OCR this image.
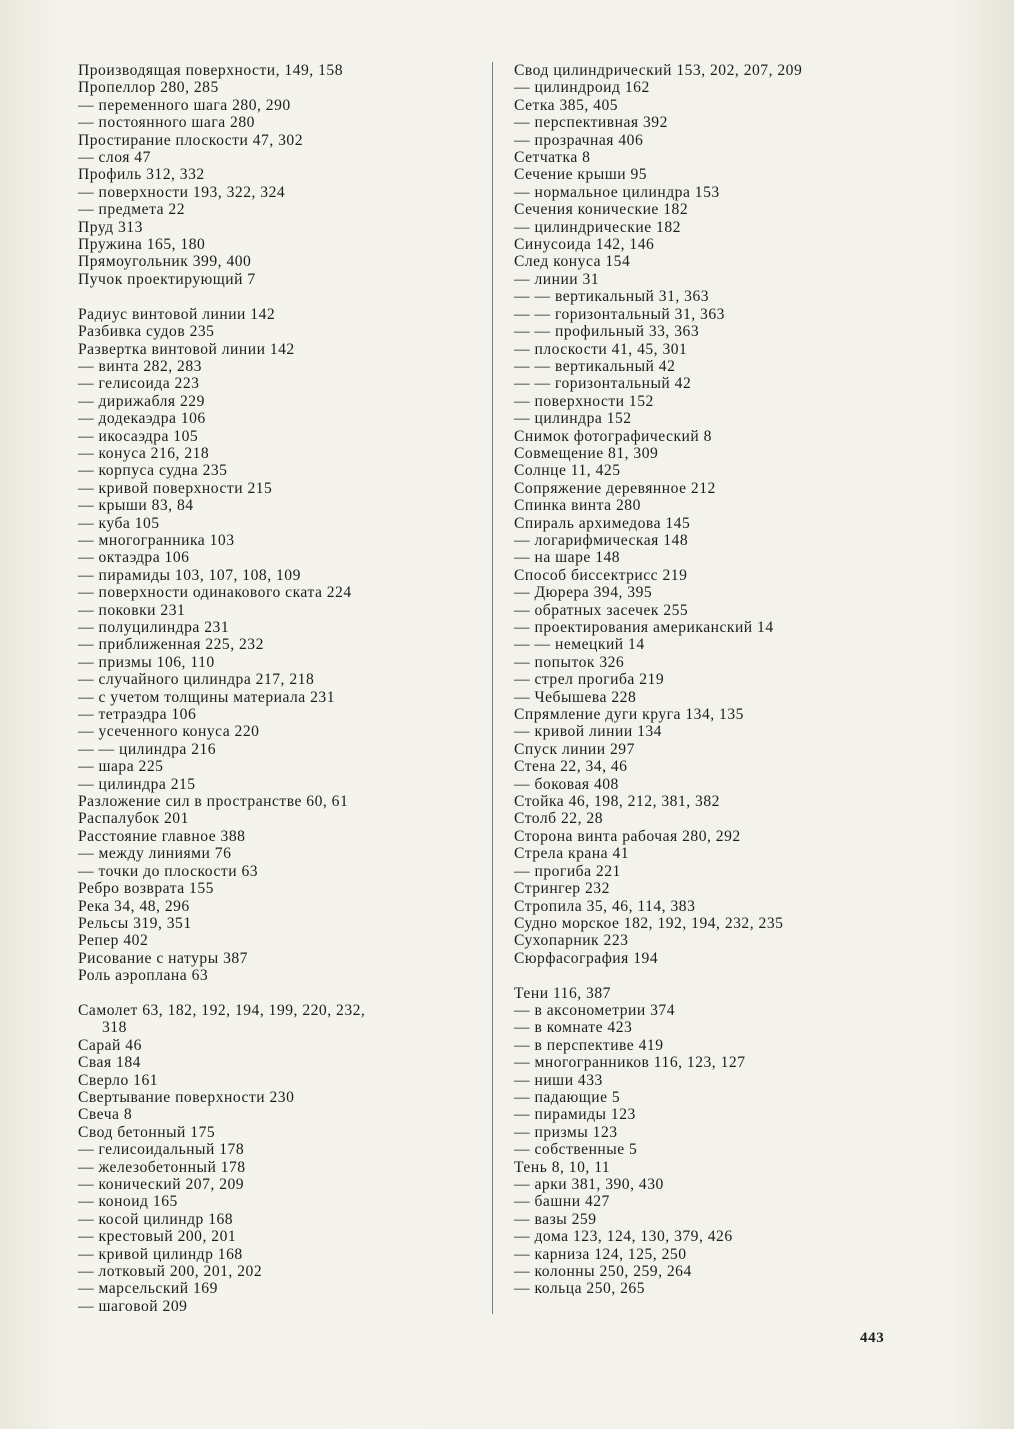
Производящая поверхности, 149, 158
Пропеллор 280, 285
— переменного шага 280, 290
— постоянного шага 280
Простирание плоскости 47, 302
— слоя 47
Профиль 312, 332
— поверхности 193, 322, 324
— предмета 22
Пруд 313
Пружина 165, 180
Прямоугольник 399, 400
Пучок проектирующий 7
Радиус винтовой линии 142
Разбивка судов 235
Развертка винтовой линии 142
— винта 282, 283
— гелисоида 223
— дирижабля 229
— додекаэдра 106
— икосаэдра 105
— конуса 216, 218
— корпуса судна 235
— кривой поверхности 215
— крыши 83, 84
— куба 105
— многогранника 103
— октаэдра 106
— пирамиды 103, 107, 108, 109
— поверхности одинакового ската 224
— поковки 231
— полуцилиндра 231
— приближенная 225, 232
— призмы 106, 110
— случайного цилиндра 217, 218
— с учетом толщины материала 231
— тетраэдра 106
— усеченного конуса 220
— — цилиндра 216
— шара 225
— цилиндра 215
Разложение сил в пространстве 60, 61
Распалубок 201
Расстояние главное 388
— между линиями 76
— точки до плоскости 63
Ребро возврата 155
Река 34, 48, 296
Рельсы 319, 351
Репер 402
Рисование с натуры 387
Роль аэроплана 63
Самолет 63, 182, 192, 194, 199, 220, 232,
318
Сарай 46
Свая 184
Сверло 161
Свертывание поверхности 230
Свеча 8
Свод бетонный 175
— гелисоидальный 178
— железобетонный 178
— конический 207, 209
— коноид 165
— косой цилиндр 168
— крестовый 200, 201
— кривой цилиндр 168
— лотковый 200, 201, 202
— марсельский 169
— шаговой 209
Свод цилиндрический 153, 202, 207, 209
— цилиндроид 162
Сетка 385, 405
— перспективная 392
— прозрачная 406
Сетчатка 8
Сечение крыши 95
— нормальное цилиндра 153
Сечения конические 182
— цилиндрические 182
Синусоида 142, 146
След конуса 154
— линии 31
— — вертикальный 31, 363
— — горизонтальный 31, 363
— — профильный 33, 363
— плоскости 41, 45, 301
— — вертикальный 42
— — горизонтальный 42
— поверхности 152
— цилиндра 152
Снимок фотографический 8
Совмещение 81, 309
Солнце 11, 425
Сопряжение деревянное 212
Спинка винта 280
Спираль архимедова 145
— логарифмическая 148
— на шаре 148
Способ биссектрисс 219
— Дюрера 394, 395
— обратных засечек 255
— проектирования американский 14
— — немецкий 14
— попыток 326
— стрел прогиба 219
— Чебышева 228
Спрямление дуги круга 134, 135
— кривой линии 134
Спуск линии 297
Стена 22, 34, 46
— боковая 408
Стойка 46, 198, 212, 381, 382
Столб 22, 28
Сторона винта рабочая 280, 292
Стрела крана 41
— прогиба 221
Стрингер 232
Стропила 35, 46, 114, 383
Судно морское 182, 192, 194, 232, 235
Сухопарник 223
Сюрфасография 194
Тени 116, 387
— в аксонометрии 374
— в комнате 423
— в перспективе 419
— многогранников 116, 123, 127
— ниши 433
— падающие 5
— пирамиды 123
— призмы 123
— собственные 5
Тень 8, 10, 11
— арки 381, 390, 430
— башни 427
— вазы 259
— дома 123, 124, 130, 379, 426
— карниза 124, 125, 250
— колонны 250, 259, 264
— кольца 250, 265
443
